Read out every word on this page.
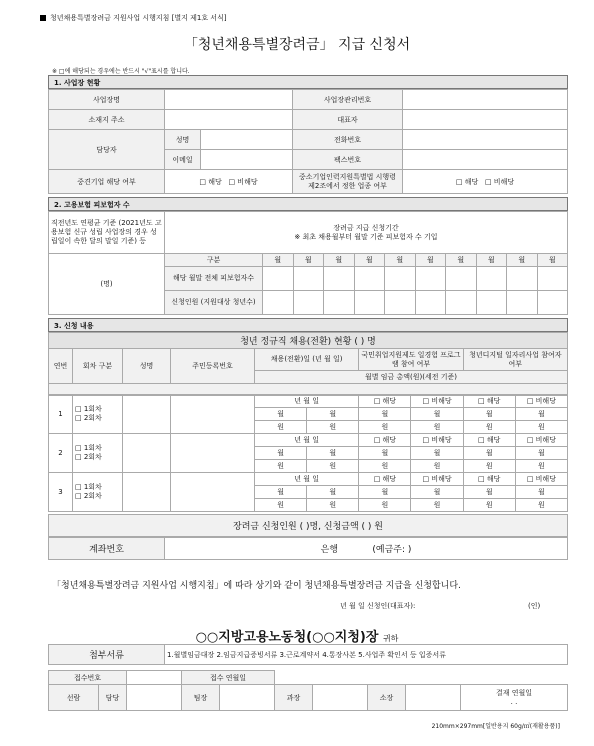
청년채용특별장려금 지원사업 시행지침 [별지 제1호 서식]
「청년채용특별장려금」 지급 신청서
※ □에 해당되는 경우에는 반드시 "√"표시를 합니다.
1. 사업장 현황
사업장명			사업장관리번호	
소재지 주소			대표자	
담당자	성명		전화번호	
	이메일		팩스번호	
중견기업 해당 여부	□ 해당 □ 비해당		중소기업인력지원특별법 시행령 제2조에서 정한 업종 여부	□ 해당 □ 비해당
2. 고용보험 피보험자 수
직전년도 연평균 기준 (2021년도 고용보험 신규 성립 사업장의 경우 성립일이 속한 달의 말일 기준) 등	장려금 지급 신청기간
※ 최초 채용월부터 월말 기준 피보험자 수 기입										
(명)	구분	월	월	월	월	월	월	월	월	월	월
	해당 월말 전체 피보험자수										
	신청인원 (지원대상 청년수)										
3. 신청 내용
청년 정규직 채용(전환) 현황 ( ) 명
연번	회차 구분	성명	주민등록번호	채용(전환)일 (년 월 일)	국민취업지원제도 일경험 프로그램 참여 여부	청년디지털 일자리사업 참여자 여부
월별 임금 총액(원)(세전 기준)

1	□ 1회차
□ 2회차			년 월 일		□ 해당	□ 비해당	□ 해당	□ 비해당
				월	월	월	월	월	월
				원	원	원	원	원	원
2	□ 1회차
□ 2회차			년 월 일		□ 해당	□ 비해당	□ 해당	□ 비해당
				월	월	월	월	월	월
				원	원	원	원	원	원
3	□ 1회차
□ 2회차			년 월 일		□ 해당	□ 비해당	□ 해당	□ 비해당
				월	월	월	월	월	월
				원	원	원	원	원	원
장려금 신청인원 ( )명, 신청금액 ( ) 원
계좌번호	은행	(예금주: )
「청년채용특별장려금 지원사업 시행지침」에 따라 상기와 같이 청년채용특별장려금 지급을 신청합니다.
년 월 일 신청인(대표자):	(인)
○○지방고용노동청(○○지청)장 귀하
첨부서류	1.월별임금대장 2.임금지급증빙서류 3.근로계약서 4.통장사본 5.사업주 확인서 등 입증서류
접수번호			접수 연월일						
선람	담당		팀장		과장		소장		결재 연월일
. .
210mm×297mm[일반용지 60g/㎡(재활용품)]
